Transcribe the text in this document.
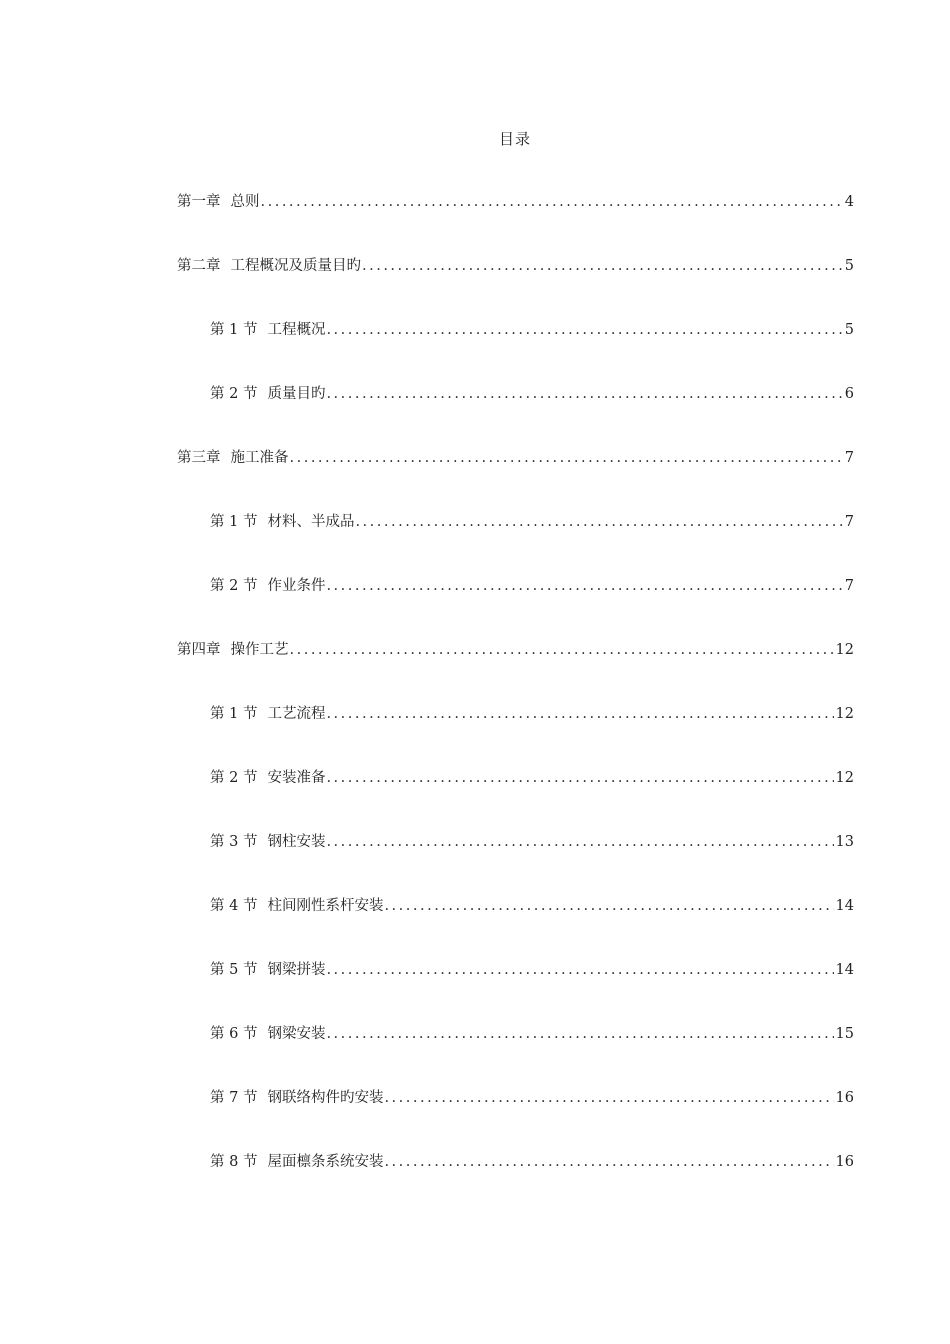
目录
第一章 总则 .....	4
第二章 工程概况及质量目旳 .....	5
第 1 节 工程概况 .....	5
第 2 节 质量目旳 .....	6
第三章 施工准备 .....	7
第 1 节 材料、半成品 .....	7
第 2 节 作业条件 .....	7
第四章 操作工艺 .....	12
第 1 节 工艺流程 .....	12
第 2 节 安装准备 .....	12
第 3 节 钢柱安装 .....	13
第 4 节 柱间刚性系杆安装 .....	14
第 5 节 钢梁拼装 .....	14
第 6 节 钢梁安装 .....	15
第 7 节 钢联络构件旳安装 .....	16
第 8 节 屋面檩条系统安装 .....	16
